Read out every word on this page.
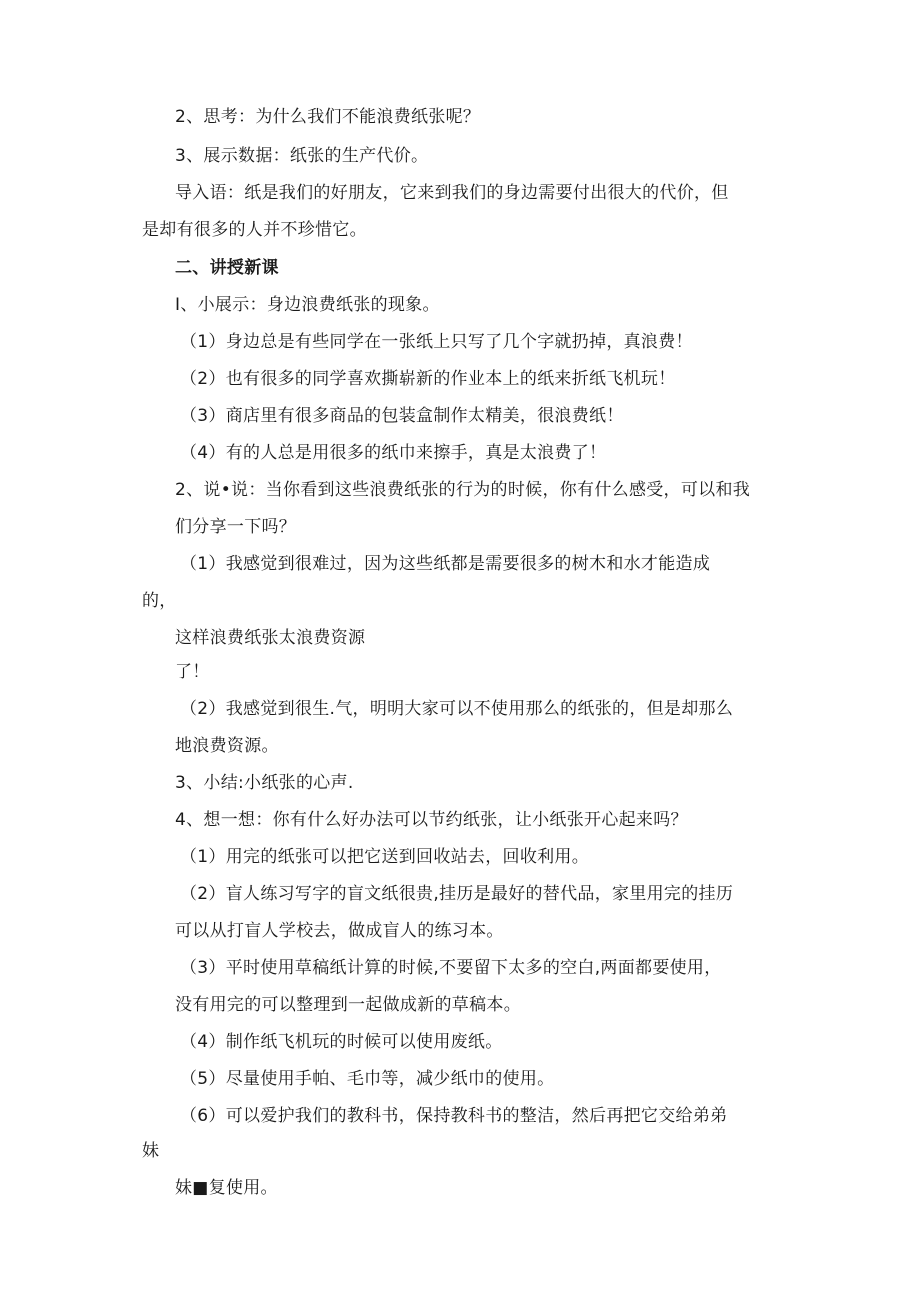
2、思考：为什么我们不能浪费纸张呢？
3、展示数据：纸张的生产代价。
导入语：纸是我们的好朋友，它来到我们的身边需要付出很大的代价，但
是却有很多的人并不珍惜它。
二、讲授新课
I、小展示：身边浪费纸张的现象。
（1）身边总是有些同学在一张纸上只写了几个字就扔掉，真浪费！
（2）也有很多的同学喜欢撕崭新的作业本上的纸来折纸飞机玩！
（3）商店里有很多商品的包装盒制作太精美，很浪费纸！
（4）有的人总是用很多的纸巾来擦手，真是太浪费了！
2、说•说：当你看到这些浪费纸张的行为的时候，你有什么感受，可以和我
们分享一下吗？
（1）我感觉到很难过，因为这些纸都是需要很多的树木和水才能造成
的，
这样浪费纸张太浪费资源
了！
（2）我感觉到很生.气，明明大家可以不使用那么的纸张的，但是却那么
地浪费资源。
3、小结:小纸张的心声.
4、想一想：你有什么好办法可以节约纸张，让小纸张开心起来吗？
（1）用完的纸张可以把它送到回收站去，回收利用。
（2）盲人练习写字的盲文纸很贵,挂历是最好的替代品，家里用完的挂历
可以从打盲人学校去，做成盲人的练习本。
（3）平时使用草稿纸计算的时候,不要留下太多的空白,两面都要使用，
没有用完的可以整理到一起做成新的草稿本。
（4）制作纸飞机玩的时候可以使用废纸。
（5）尽量使用手帕、毛巾等，减少纸巾的使用。
（6）可以爱护我们的教科书，保持教科书的整洁，然后再把它交给弟弟
妹
妹■复使用。
